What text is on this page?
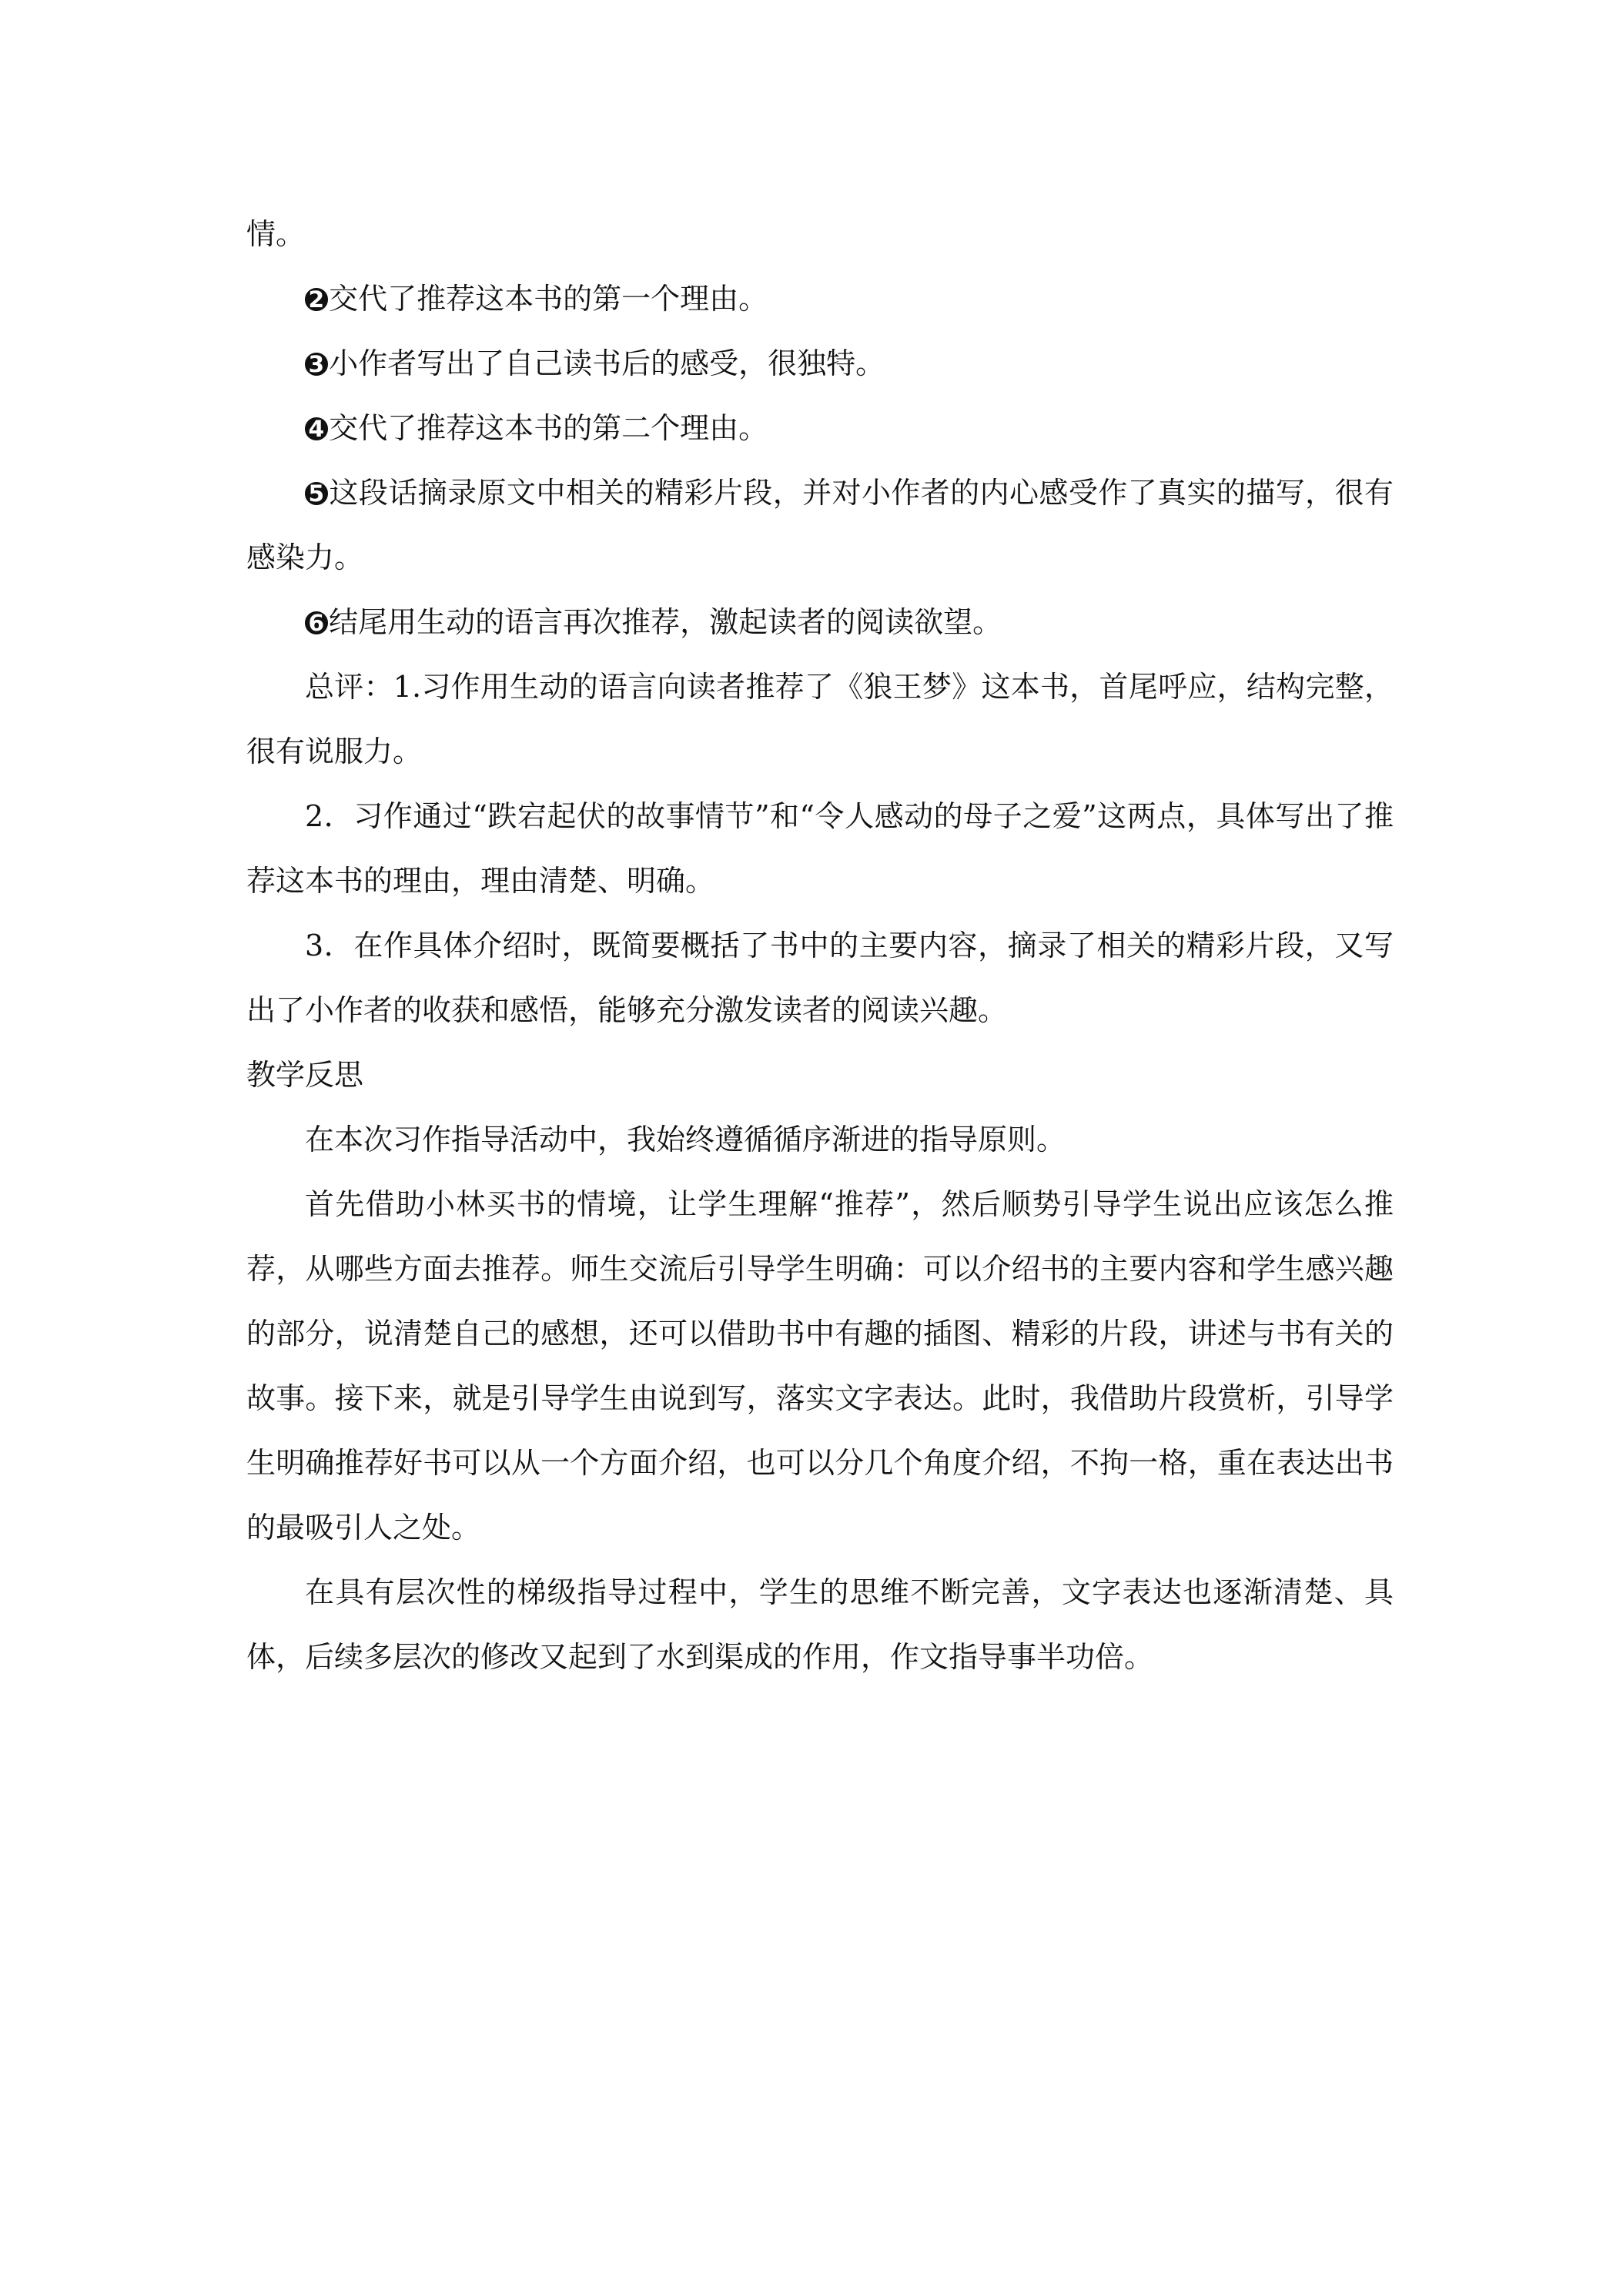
情。

2 交代了推荐这本书的第一个理由。

3 小作者写出了自己读书后的感受，很独特。

4 交代了推荐这本书的第二个理由。

5 这段话摘录原文中相关的精彩片段，并对小作者的内心感受作了真实的描写，很有感染力。

6 结尾用生动的语言再次推荐，激起读者的阅读欲望。

总评：1.习作用生动的语言向读者推荐了《狼王梦》这本书，首尾呼应，结构完整，很有说服力。

2．习作通过“跌宕起伏的故事情节”和“令人感动的母子之爱”这两点，具体写出了推荐这本书的理由，理由清楚、明确。

3．在作具体介绍时，既简要概括了书中的主要内容，摘录了相关的精彩片段，又写出了小作者的收获和感悟，能够充分激发读者的阅读兴趣。

教学反思

在本次习作指导活动中，我始终遵循循序渐进的指导原则。

首先借助小林买书的情境，让学生理解“推荐”，然后顺势引导学生说出应该怎么推荐，从哪些方面去推荐。师生交流后引导学生明确：可以介绍书的主要内容和学生感兴趣的部分，说清楚自己的感想，还可以借助书中有趣的插图、精彩的片段，讲述与书有关的故事。接下来，就是引导学生由说到写，落实文字表达。此时，我借助片段赏析，引导学生明确推荐好书可以从一个方面介绍，也可以分几个角度介绍，不拘一格，重在表达出书的最吸引人之处。

在具有层次性的梯级指导过程中，学生的思维不断完善，文字表达也逐渐清楚、具体，后续多层次的修改又起到了水到渠成的作用，作文指导事半功倍。
